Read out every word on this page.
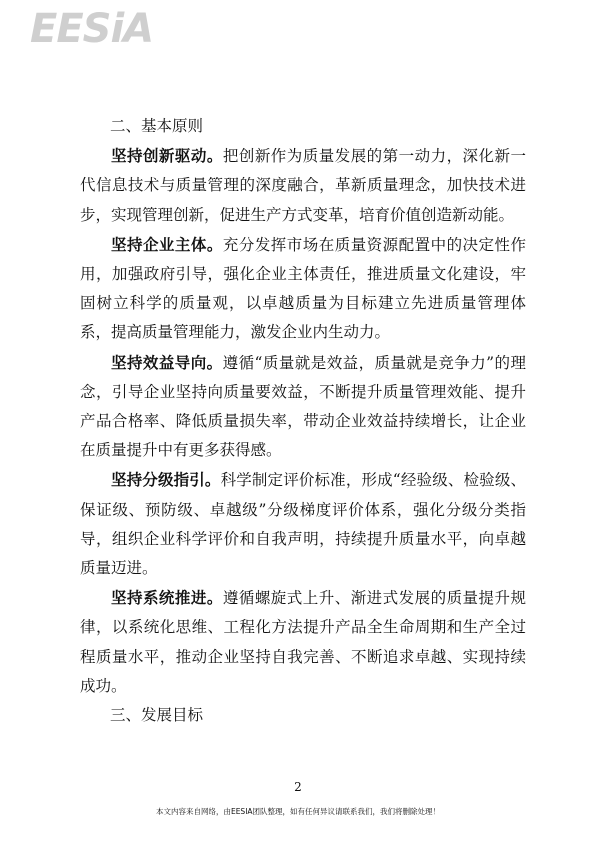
EESiA

二、基本原则

坚持创新驱动。把创新作为质量发展的第一动力，深化新一代信息技术与质量管理的深度融合，革新质量理念，加快技术进步，实现管理创新，促进生产方式变革，培育价值创造新动能。

坚持企业主体。充分发挥市场在质量资源配置中的决定性作用，加强政府引导，强化企业主体责任，推进质量文化建设，牢固树立科学的质量观，以卓越质量为目标建立先进质量管理体系，提高质量管理能力，激发企业内生动力。

坚持效益导向。遵循“质量就是效益，质量就是竞争力”的理念，引导企业坚持向质量要效益，不断提升质量管理效能、提升产品合格率、降低质量损失率，带动企业效益持续增长，让企业在质量提升中有更多获得感。

坚持分级指引。科学制定评价标准，形成“经验级、检验级、保证级、预防级、卓越级”分级梯度评价体系，强化分级分类指导，组织企业科学评价和自我声明，持续提升质量水平，向卓越质量迈进。

坚持系统推进。遵循螺旋式上升、渐进式发展的质量提升规律，以系统化思维、工程化方法提升产品全生命周期和生产全过程质量水平，推动企业坚持自我完善、不断追求卓越、实现持续成功。

三、发展目标

2
本文内容来自网络，由EESIA团队整理，如有任何异议请联系我们，我们将删除处理！
